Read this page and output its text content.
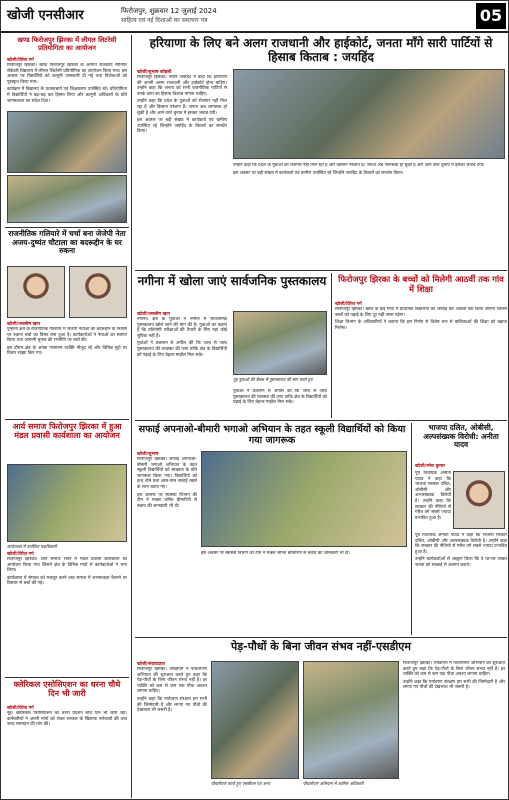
खोजी एनसीआर	फिरोजपुर, शुक्रवार 12 जुलाई 2024
साहित्य एवं नई दिशाओं का समाचार पत्र	05
खण्ड फिरोजपुर झिरका में लीगल लिटरेसी प्रतियोगिता का आयोजन
खोजी/विरेश गर्ग

फिरोजपुर झिरका। खण्ड फिरोजपुर झिरका के अंतर्गत राजकीय सीनियर सेकेंडरी विद्यालय में लीगल लिटरेसी प्रतियोगिता का आयोजन किया गया। इस अवसर पर विद्यार्थियों को कानूनी जानकारी दी गई तथा विजेताओं को पुरस्कृत किया गया।

कार्यक्रम में विद्यालय के प्रधानाचार्य एवं शिक्षकगण उपस्थित रहे। प्रतियोगिता में विद्यार्थियों ने बढ़-चढ़ कर हिस्सा लिया और कानूनी अधिकारों के प्रति जागरूकता का संदेश दिया।

राजनीतिक गलियारे में चर्चा बना जेजेपी नेता अजय-दुष्यंत चौटाला का बदरूद्दीन के घर रुकना
खोजी/तसलीम खान

पुन्हाना क्षेत्र के राजनीतिक गलियारे में जेजेपी नेताओं का बदरूद्दीन के निवास पर रुकना चर्चा का विषय बना हुआ है। कार्यकर्ताओं ने नेताओं का स्वागत किया तथा आगामी चुनाव की रणनीति पर चर्चा की।

इस दौरान क्षेत्र के अनेक गणमान्य व्यक्ति मौजूद रहे और विभिन्न मुद्दों पर विचार साझा किए गए।

आर्य समाज फिरोजपुर झिरका में हुआ मंडल प्रवासी कार्यशाला का आयोजन
कार्यशाला में उपस्थित पदाधिकारी
खोजी/विरेश गर्ग

फिरोजपुर झिरका। आर्य समाज भवन में मंडल प्रवासी कार्यशाला का आयोजन किया गया जिसमें क्षेत्र के विभिन्न गांवों से कार्यकर्ताओं ने भाग लिया।

कार्यशाला में संगठन को मजबूत करने तथा समाज में जागरूकता फैलाने पर विस्तार से चर्चा की गई।

क्लेरिकल एसोसिएशन का धरना चौथे दिन भी जारी
खोजी/विरेश गर्ग

नूंह। क्लेरिकल एसोसिएशन का धरना प्रदर्शन चौथे दिन भी जारी रहा। कर्मचारियों ने अपनी मांगों को लेकर सरकार के खिलाफ नारेबाजी की तथा जल्द समाधान की मांग की।

हरियाणा के लिए बने अलग राजधानी और हाईकोर्ट, जनता माँगे सारी पार्टियों से हिसाब किताब : जयहिंद
खोजी/सुभाष कोहली

फिरोजपुर झिरका। नवीन जयहिंद ने कहा कि हरियाणा की अपनी अलग राजधानी और हाईकोर्ट होना चाहिए। उन्होंने कहा कि जनता को सभी राजनीतिक पार्टियों से उनके काम का हिसाब किताब मांगना चाहिए।

उन्होंने कहा कि प्रदेश के युवाओं को रोजगार नहीं मिल रहा है और किसान परेशान हैं। जनता अब जागरूक हो चुकी है और आने वाले चुनाव में इसका जवाब देगी।

इस अवसर पर बड़ी संख्या में कार्यकर्ता एवं ग्रामीण उपस्थित रहे जिन्होंने जयहिंद के विचारों का समर्थन किया।

उन्होंने कहा कि प्रदेश के युवाओं को रोजगार नहीं मिल रहा है और किसान परेशान हैं। जनता अब जागरूक हो चुकी है और आने वाले चुनाव में इसका जवाब देगी।

इस अवसर पर बड़ी संख्या में कार्यकर्ता एवं ग्रामीण उपस्थित रहे जिन्होंने जयहिंद के विचारों का समर्थन किया।

नगीना में खोला जाएं सार्वजनिक पुस्तकालय
खोजी/तसलीम खान

नगीना। क्षेत्र के युवाओं ने नगीना में सार्वजनिक पुस्तकालय खोले जाने की मांग की है। युवाओं का कहना है कि प्रतियोगी परीक्षाओं की तैयारी के लिए यहां कोई सुविधा नहीं है।

युवाओं ने प्रशासन से अपील की कि जल्द से जल्द पुस्तकालय की व्यवस्था की जाए ताकि क्षेत्र के विद्यार्थियों को पढ़ाई के लिए बेहतर माहौल मिल सके।

नूंह युवाओं की बैठक में पुस्तकालय की मांग करते हुए

युवाओं ने प्रशासन से अपील की कि जल्द से जल्द पुस्तकालय की व्यवस्था की जाए ताकि क्षेत्र के विद्यार्थियों को पढ़ाई के लिए बेहतर माहौल मिल सके।

फिरोजपुर झिरका के बच्चों को मिलेगी आठवीं तक गांव में शिक्षा
खोजी/विरेश गर्ग

फिरोजपुर झिरका। खण्ड के कई गांवों में प्राथमिक विद्यालयों को अपग्रेड कर आठवीं तक किया जाएगा जिससे बच्चों को पढ़ाई के लिए दूर नहीं जाना पड़ेगा।

शिक्षा विभाग के अधिकारियों ने बताया कि इस निर्णय से विशेष रूप से बालिकाओं की शिक्षा को बढ़ावा मिलेगा।

सफाई अपनाओ-बीमारी भगाओ अभियान के तहत स्कूली विद्यार्थियों को किया गया जागरूक
खोजी/सुभाष

फिरोजपुर झिरका। सफाई अपनाओ-बीमारी भगाओ अभियान के तहत स्कूली विद्यार्थियों को स्वच्छता के प्रति जागरूक किया गया। विद्यार्थियों को हाथ धोने तथा आस-पास सफाई रखने के लाभ बताए गए।

इस अवसर पर स्वास्थ्य विभाग की टीम ने मच्छर जनित बीमारियों से बचाव की जानकारी भी दी।

इस अवसर पर स्वास्थ्य विभाग की टीम ने मच्छर जनित बीमारियों से बचाव की जानकारी भी दी।

भाजपा दलित, ओबीसी, अल्पसंख्यक विरोधी: अनीता यादव
खोजी/रमेश कुमार

पूर्व विधायक अनीता यादव ने कहा कि भाजपा सरकार दलित, ओबीसी और अल्पसंख्यक विरोधी है। उन्होंने कहा कि सरकार की नीतियों से गरीब वर्ग सबसे ज्यादा प्रभावित हुआ है।

पूर्व विधायक अनीता यादव ने कहा कि भाजपा सरकार दलित, ओबीसी और अल्पसंख्यक विरोधी है। उन्होंने कहा कि सरकार की नीतियों से गरीब वर्ग सबसे ज्यादा प्रभावित हुआ है।

उन्होंने कार्यकर्ताओं से आह्वान किया कि वे घर-घर जाकर जनता को सच्चाई से अवगत कराएं।

पेड़-पौधों के बिना जीवन संभव नहीं-एसडीएम
खोजी/संवाददाता

फिरोजपुर झिरका। एसडीएम ने पौधारोपण अभियान की शुरुआत करते हुए कहा कि पेड़-पौधों के बिना जीवन संभव नहीं है। हर व्यक्ति को कम से कम एक पौधा अवश्य लगाना चाहिए।

उन्होंने कहा कि पर्यावरण संरक्षण हम सभी की जिम्मेदारी है और लगाए गए पौधों की देखभाल भी जरूरी है।

पौधारोपण करते हुए एसडीएम एवं अन्य	पौधारोपण अभियान में शामिल अधिकारी

फिरोजपुर झिरका। एसडीएम ने पौधारोपण अभियान की शुरुआत करते हुए कहा कि पेड़-पौधों के बिना जीवन संभव नहीं है। हर व्यक्ति को कम से कम एक पौधा अवश्य लगाना चाहिए।

उन्होंने कहा कि पर्यावरण संरक्षण हम सभी की जिम्मेदारी है और लगाए गए पौधों की देखभाल भी जरूरी है।
